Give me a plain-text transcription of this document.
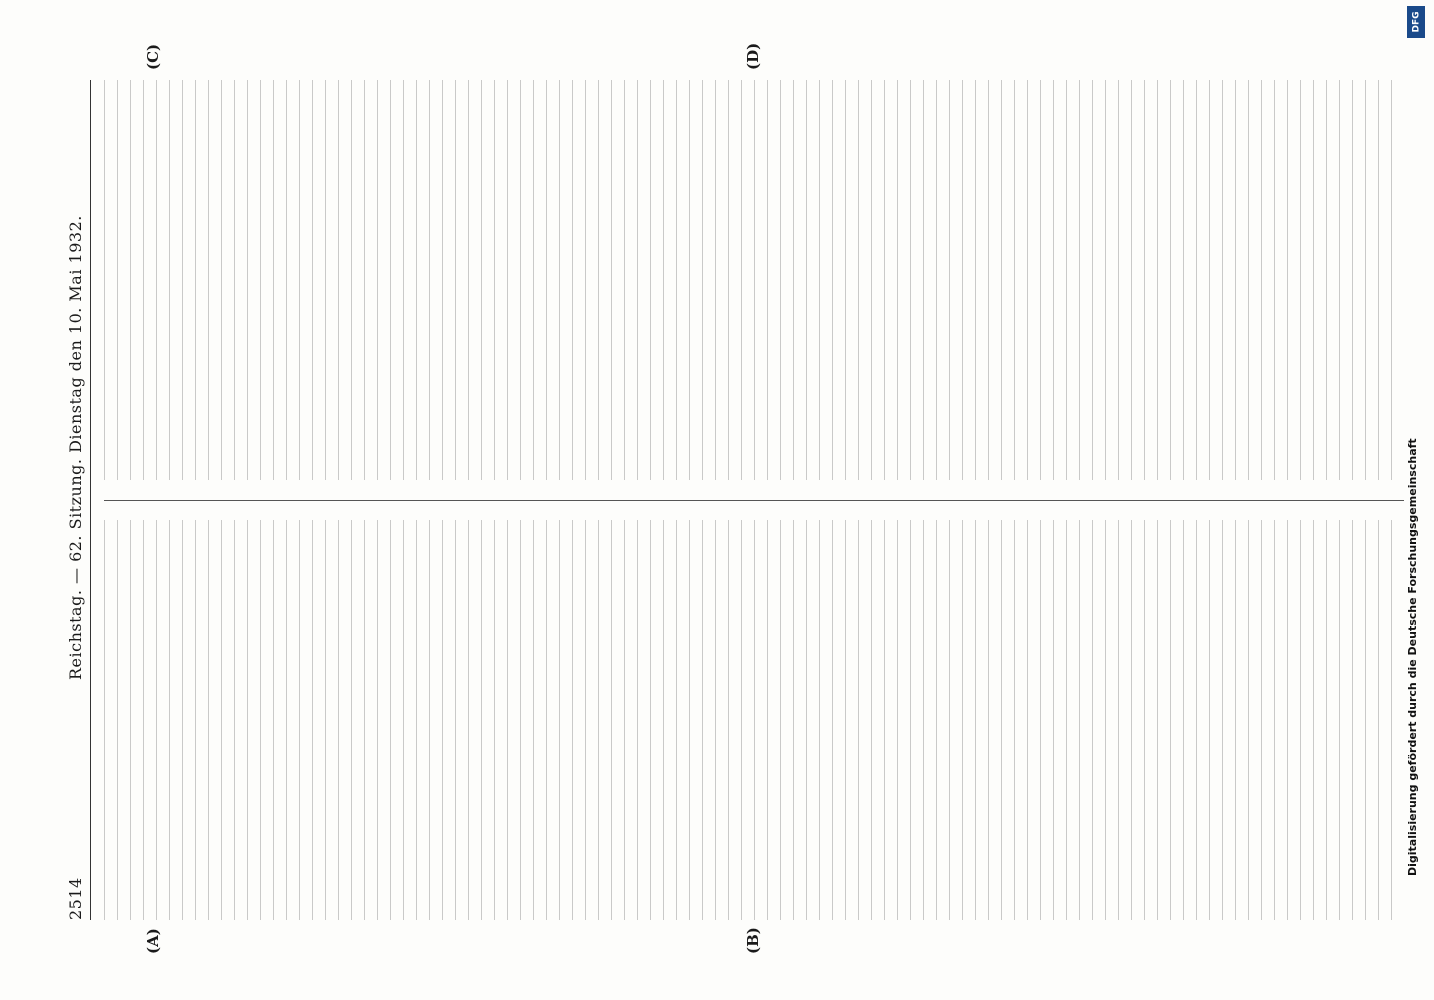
2514
Reichstag. — 62. Sitzung. Dienstag den 10. Mai 1932.
(A)	(B)
(C)	(D)
DFG
Digitalisierung gefördert durch die Deutsche Forschungsgemeinschaft
